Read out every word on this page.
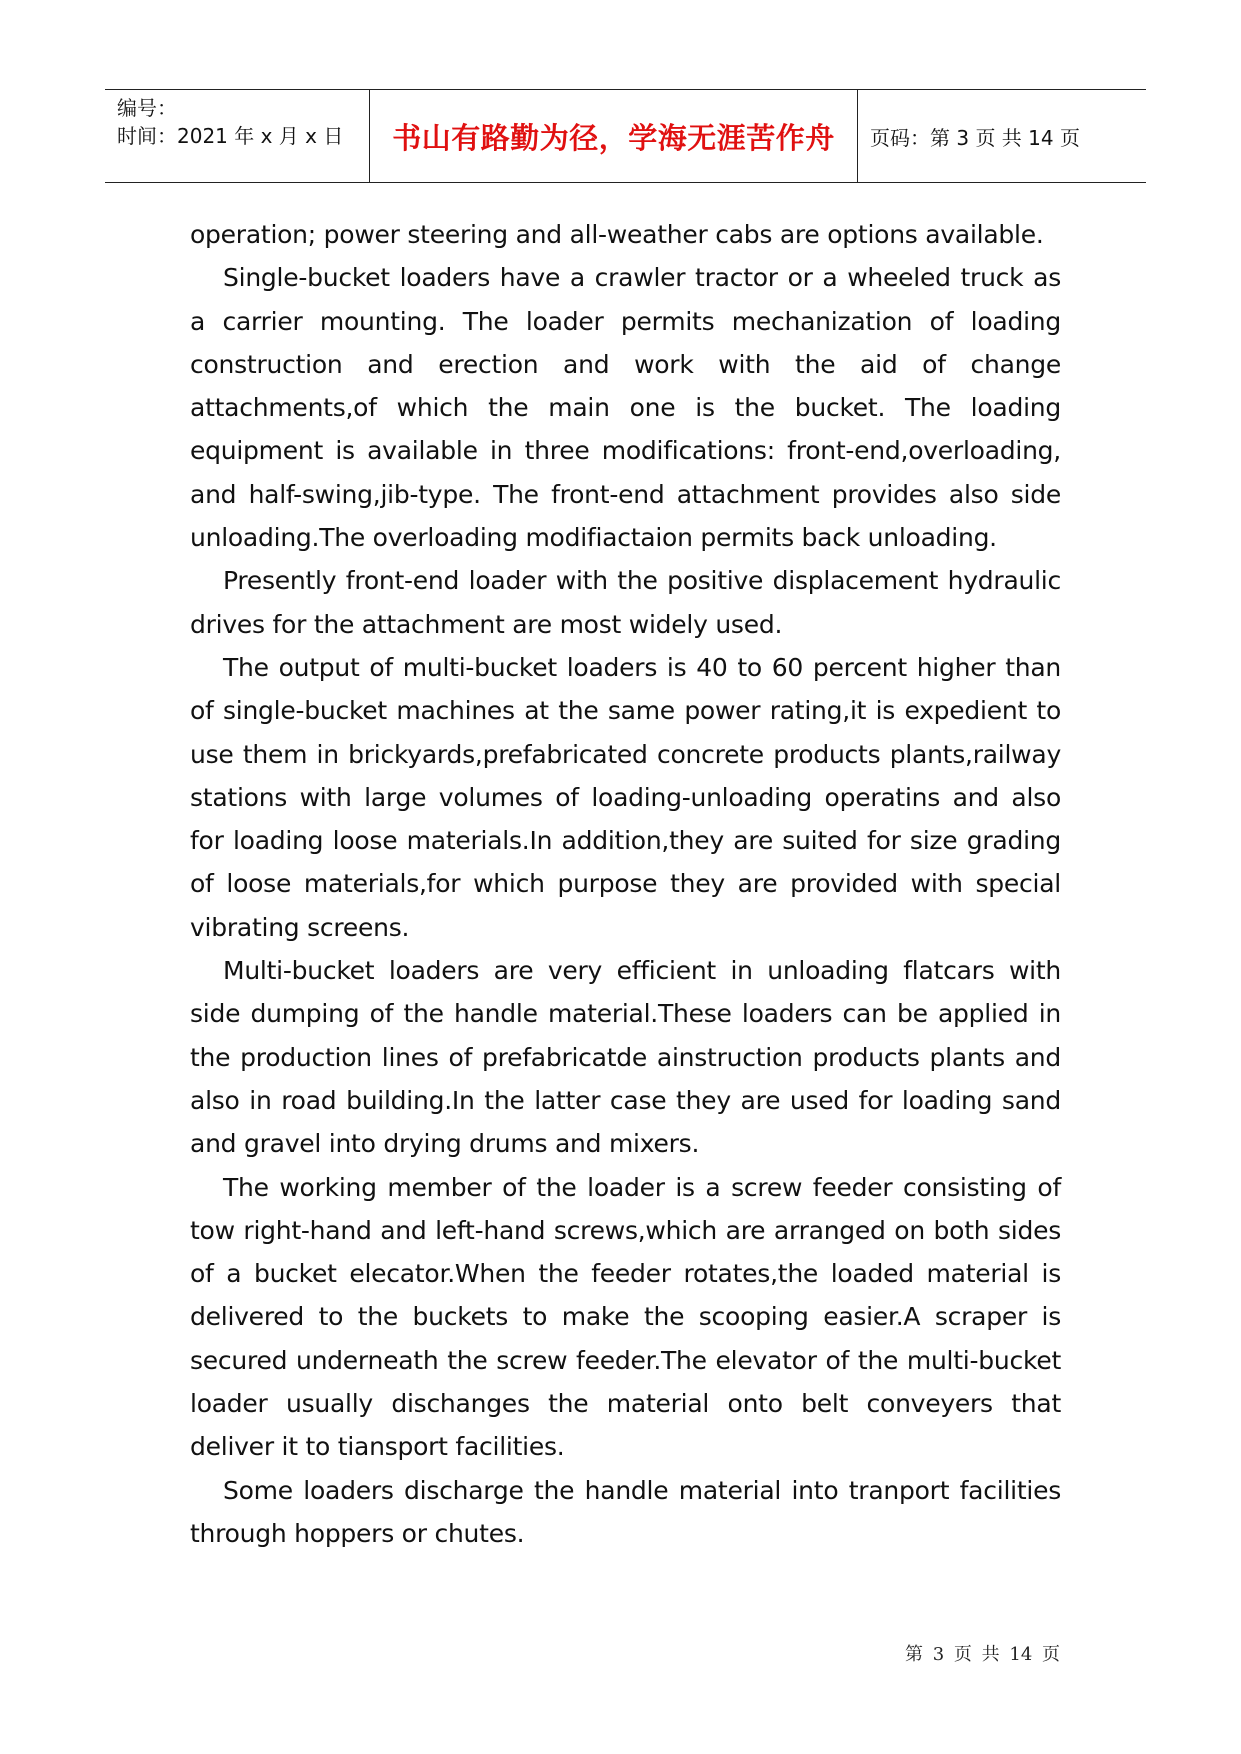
编号：
时间：2021 年 x 月 x 日	书山有路勤为径，学海无涯苦作舟	页码：第 3 页 共 14 页

operation; power steering and all-weather cabs are options available.

Single-bucket loaders have a crawler tractor or a wheeled truck as a carrier mounting. The loader permits mechanization of loading construction and erection and work with the aid of change attachments,of which the main one is the bucket. The loading equipment is available in three modifications: front-end,overloading, and half-swing,jib-type. The front-end attachment provides also side unloading.The overloading modifiactaion permits back unloading.

Presently front-end loader with the positive displacement hydraulic drives for the attachment are most widely used.

The output of multi-bucket loaders is 40 to 60 percent higher than of single-bucket machines at the same power rating,it is expedient to use them in brickyards,prefabricated concrete products plants,railway stations with large volumes of loading-unloading operatins and also for loading loose materials.In addition,they are suited for size grading of loose materials,for which purpose they are provided with special vibrating screens.

Multi-bucket loaders are very efficient in unloading flatcars with side dumping of the handle material.These loaders can be applied in the production lines of prefabricatde ainstruction products plants and also in road building.In the latter case they are used for loading sand and gravel into drying drums and mixers.

The working member of the loader is a screw feeder consisting of tow right-hand and left-hand screws,which are arranged on both sides of a bucket elecator.When the feeder rotates,the loaded material is delivered to the buckets to make the scooping easier.A scraper is secured underneath the screw feeder.The elevator of the multi-bucket loader usually dischanges the material onto belt conveyers that deliver it to tiansport facilities.

Some loaders discharge the handle material into tranport facilities through hoppers or chutes.

第 3 页 共 14 页
